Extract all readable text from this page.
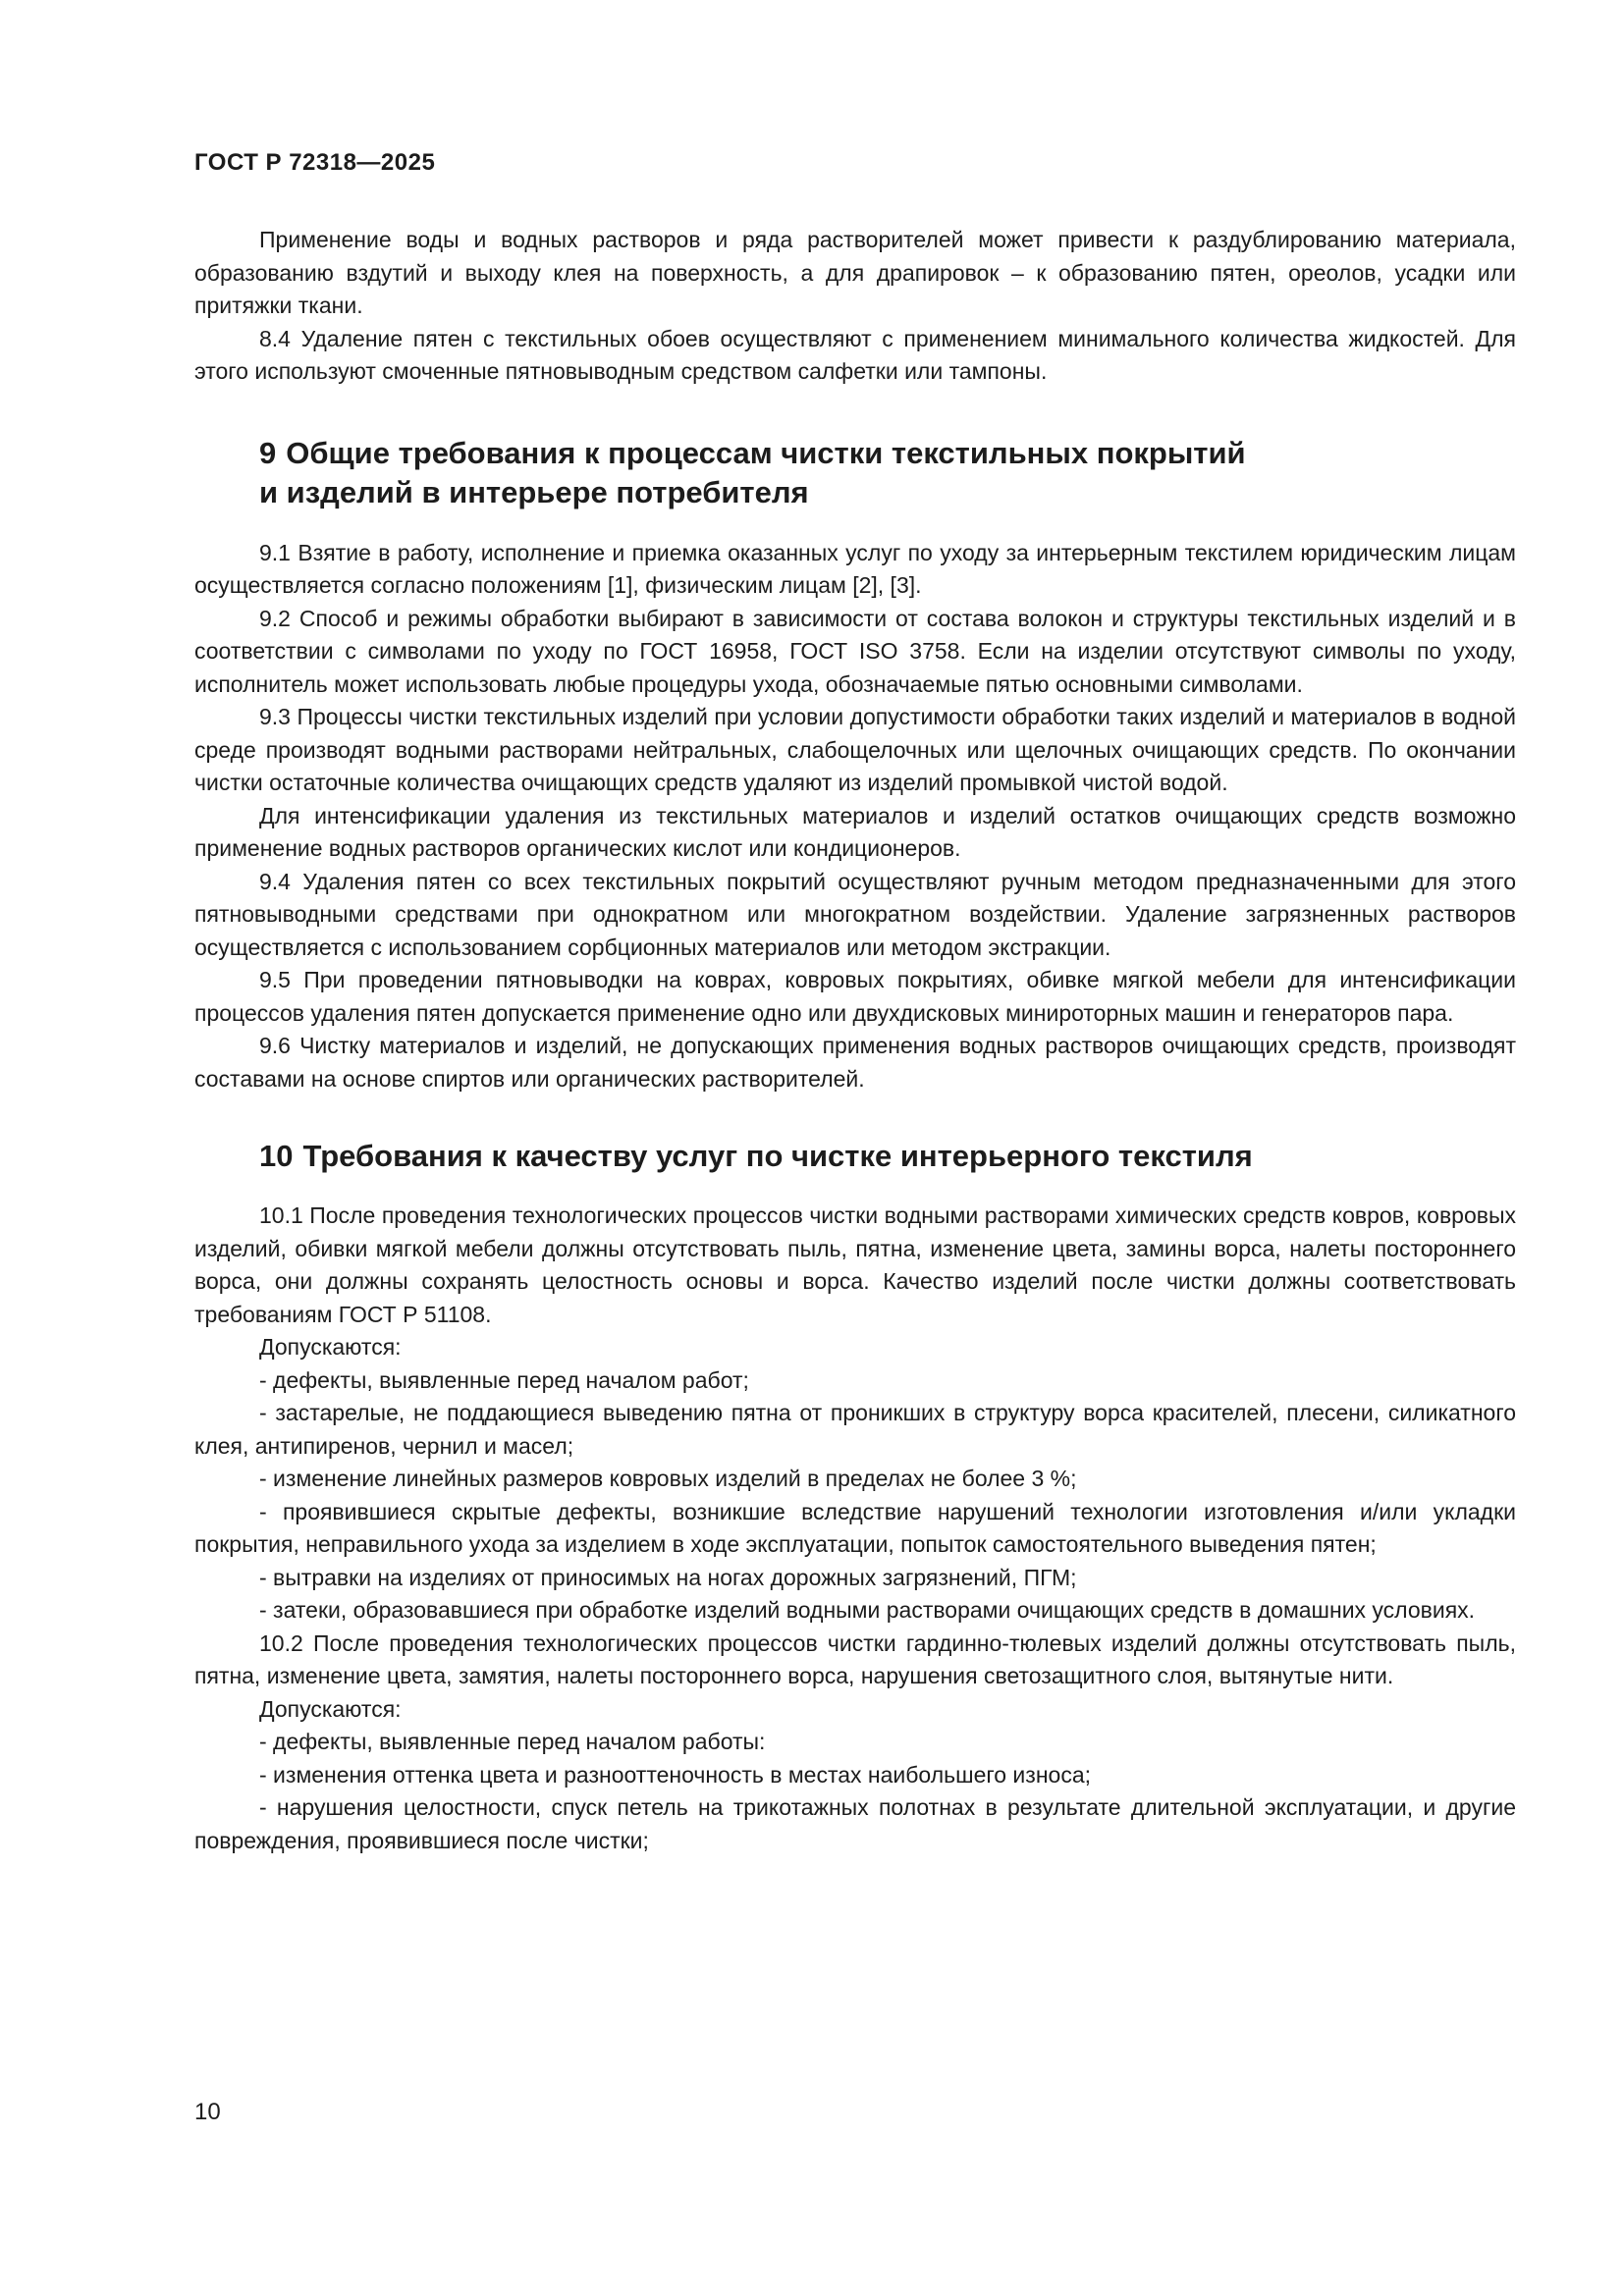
ГОСТ Р 72318—2025

Применение воды и водных растворов и ряда растворителей может привести к раздублированию материала, образованию вздутий и выходу клея на поверхность, а для драпировок – к образованию пятен, ореолов, усадки или притяжки ткани.

8.4 Удаление пятен с текстильных обоев осуществляют с применением минимального количества жидкостей. Для этого используют смоченные пятновыводным средством салфетки или тампоны.

9 Общие требования к процессам чистки текстильных покрытий
и изделий в интерьере потребителя

9.1 Взятие в работу, исполнение и приемка оказанных услуг по уходу за интерьерным текстилем юридическим лицам осуществляется согласно положениям [1], физическим лицам [2], [3].

9.2 Способ и режимы обработки выбирают в зависимости от состава волокон и структуры текстильных изделий и в соответствии с символами по уходу по ГОСТ 16958, ГОСТ ISO 3758. Если на изделии отсутствуют символы по уходу, исполнитель может использовать любые процедуры ухода, обозначаемые пятью основными символами.

9.3 Процессы чистки текстильных изделий при условии допустимости обработки таких изделий и материалов в водной среде производят водными растворами нейтральных, слабощелочных или щелочных очищающих средств. По окончании чистки остаточные количества очищающих средств удаляют из изделий промывкой чистой водой.

Для интенсификации удаления из текстильных материалов и изделий остатков очищающих средств возможно применение водных растворов органических кислот или кондиционеров.

9.4 Удаления пятен со всех текстильных покрытий осуществляют ручным методом предназначенными для этого пятновыводными средствами при однократном или многократном воздействии. Удаление загрязненных растворов осуществляется с использованием сорбционных материалов или методом экстракции.

9.5 При проведении пятновыводки на коврах, ковровых покрытиях, обивке мягкой мебели для интенсификации процессов удаления пятен допускается применение одно или двухдисковых минироторных машин и генераторов пара.

9.6 Чистку материалов и изделий, не допускающих применения водных растворов очищающих средств, производят составами на основе спиртов или органических растворителей.

10 Требования к качеству услуг по чистке интерьерного текстиля

10.1 После проведения технологических процессов чистки водными растворами химических средств ковров, ковровых изделий, обивки мягкой мебели должны отсутствовать пыль, пятна, изменение цвета, замины ворса, налеты постороннего ворса, они должны сохранять целостность основы и ворса. Качество изделий после чистки должны соответствовать требованиям ГОСТ Р 51108.

Допускаются:

- дефекты, выявленные перед началом работ;

- застарелые, не поддающиеся выведению пятна от проникших в структуру ворса красителей, плесени, силикатного клея, антипиренов, чернил и масел;

- изменение линейных размеров ковровых изделий в пределах не более 3 %;

- проявившиеся скрытые дефекты, возникшие вследствие нарушений технологии изготовления и/или укладки покрытия, неправильного ухода за изделием в ходе эксплуатации, попыток самостоятельного выведения пятен;

- вытравки на изделиях от приносимых на ногах дорожных загрязнений, ПГМ;

- затеки, образовавшиеся при обработке изделий водными растворами очищающих средств в домашних условиях.

10.2 После проведения технологических процессов чистки гардинно-тюлевых изделий должны отсутствовать пыль, пятна, изменение цвета, замятия, налеты постороннего ворса, нарушения светозащитного слоя, вытянутые нити.

Допускаются:

- дефекты, выявленные перед началом работы:

- изменения оттенка цвета и разнооттеночность в местах наибольшего износа;

- нарушения целостности, спуск петель на трикотажных полотнах в результате длительной эксплуатации, и другие повреждения, проявившиеся после чистки;

10
